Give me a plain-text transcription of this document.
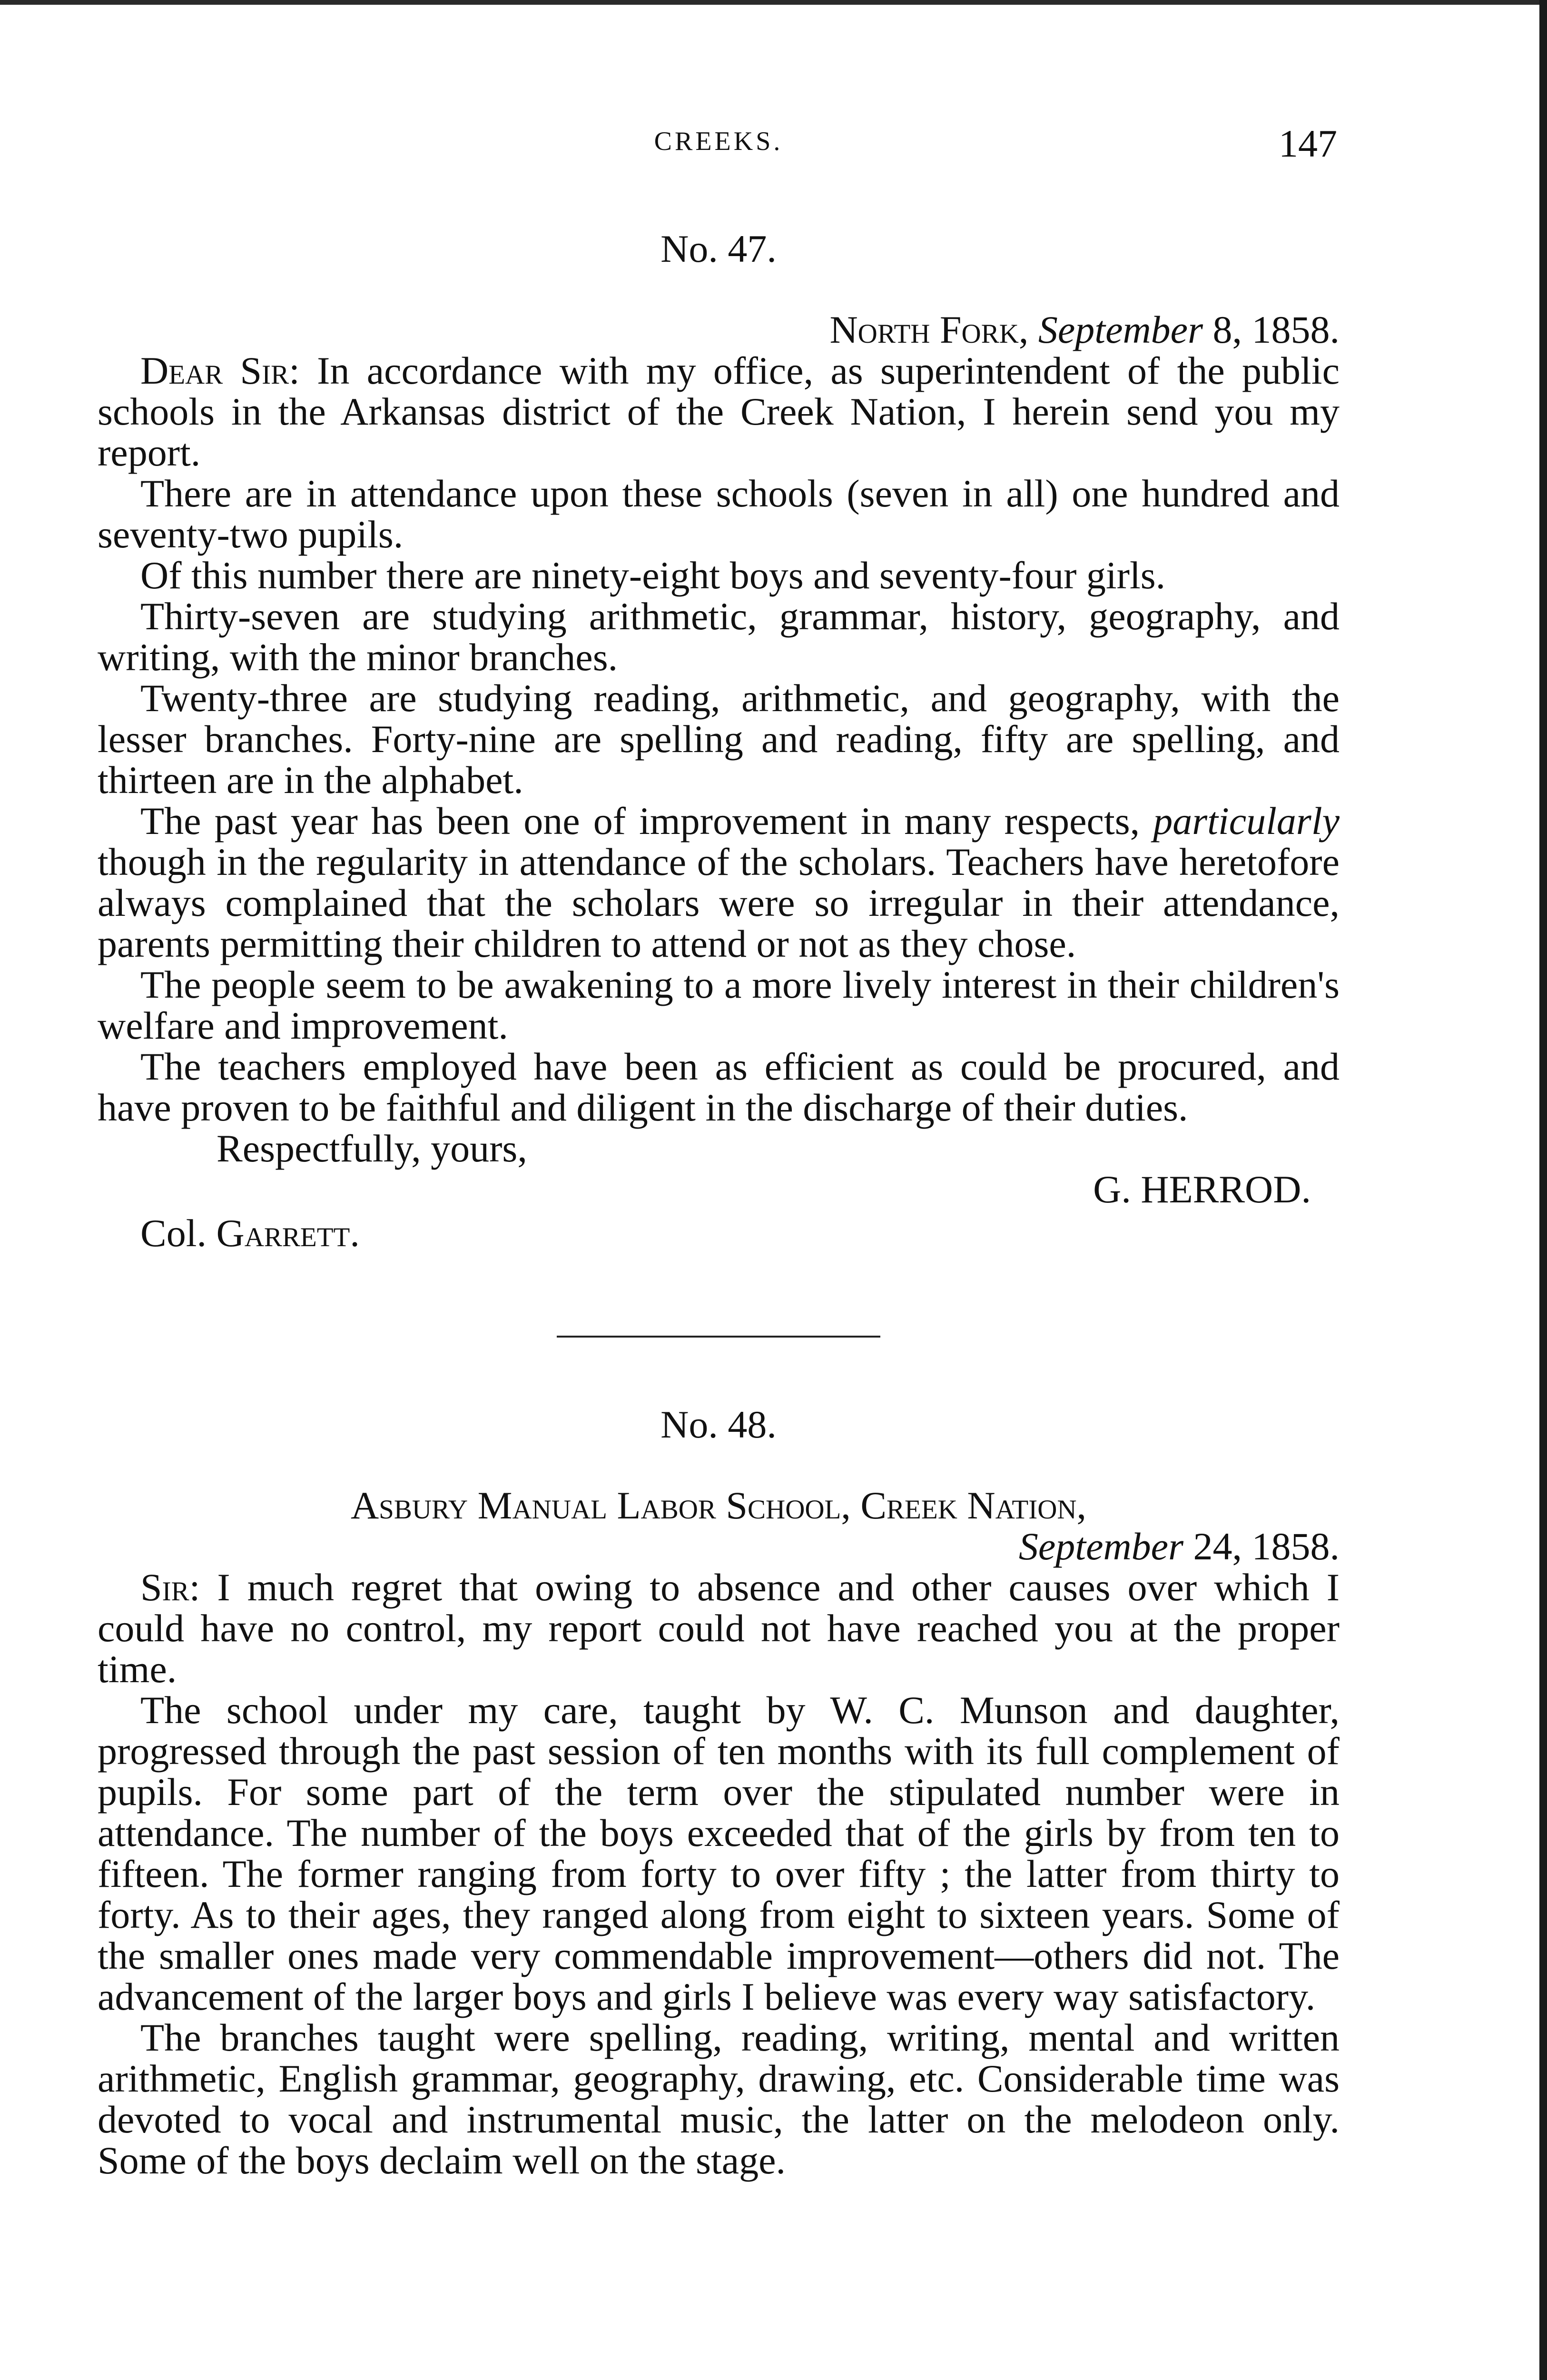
CREEKS.	147
No. 47.
North Fork, September 8, 1858.

Dear Sir: In accordance with my office, as superintendent of the public schools in the Arkansas district of the Creek Nation, I herein send you my report.

There are in attendance upon these schools (seven in all) one hundred and seventy-two pupils.

Of this number there are ninety-eight boys and seventy-four girls.

Thirty-seven are studying arithmetic, grammar, history, geography, and writing, with the minor branches.

Twenty-three are studying reading, arithmetic, and geography, with the lesser branches. Forty-nine are spelling and reading, fifty are spelling, and thirteen are in the alphabet.

The past year has been one of improvement in many respects, particularly though in the regularity in attendance of the scholars. Teachers have heretofore always complained that the scholars were so irregular in their attendance, parents permitting their children to attend or not as they chose.

The people seem to be awakening to a more lively interest in their children's welfare and improvement.

The teachers employed have been as efficient as could be procured, and have proven to be faithful and diligent in the discharge of their duties.

Respectfully, yours,

G. HERROD.
Col. Garrett.
No. 48.
Asbury Manual Labor School, Creek Nation,
September 24, 1858.

Sir: I much regret that owing to absence and other causes over which I could have no control, my report could not have reached you at the proper time.

The school under my care, taught by W. C. Munson and daughter, progressed through the past session of ten months with its full complement of pupils. For some part of the term over the stipulated number were in attendance. The number of the boys exceeded that of the girls by from ten to fifteen. The former ranging from forty to over fifty ; the latter from thirty to forty. As to their ages, they ranged along from eight to sixteen years. Some of the smaller ones made very commendable improvement—others did not. The advancement of the larger boys and girls I believe was every way satisfactory.

The branches taught were spelling, reading, writing, mental and written arithmetic, English grammar, geography, drawing, etc. Considerable time was devoted to vocal and instrumental music, the latter on the melodeon only. Some of the boys declaim well on the stage.
